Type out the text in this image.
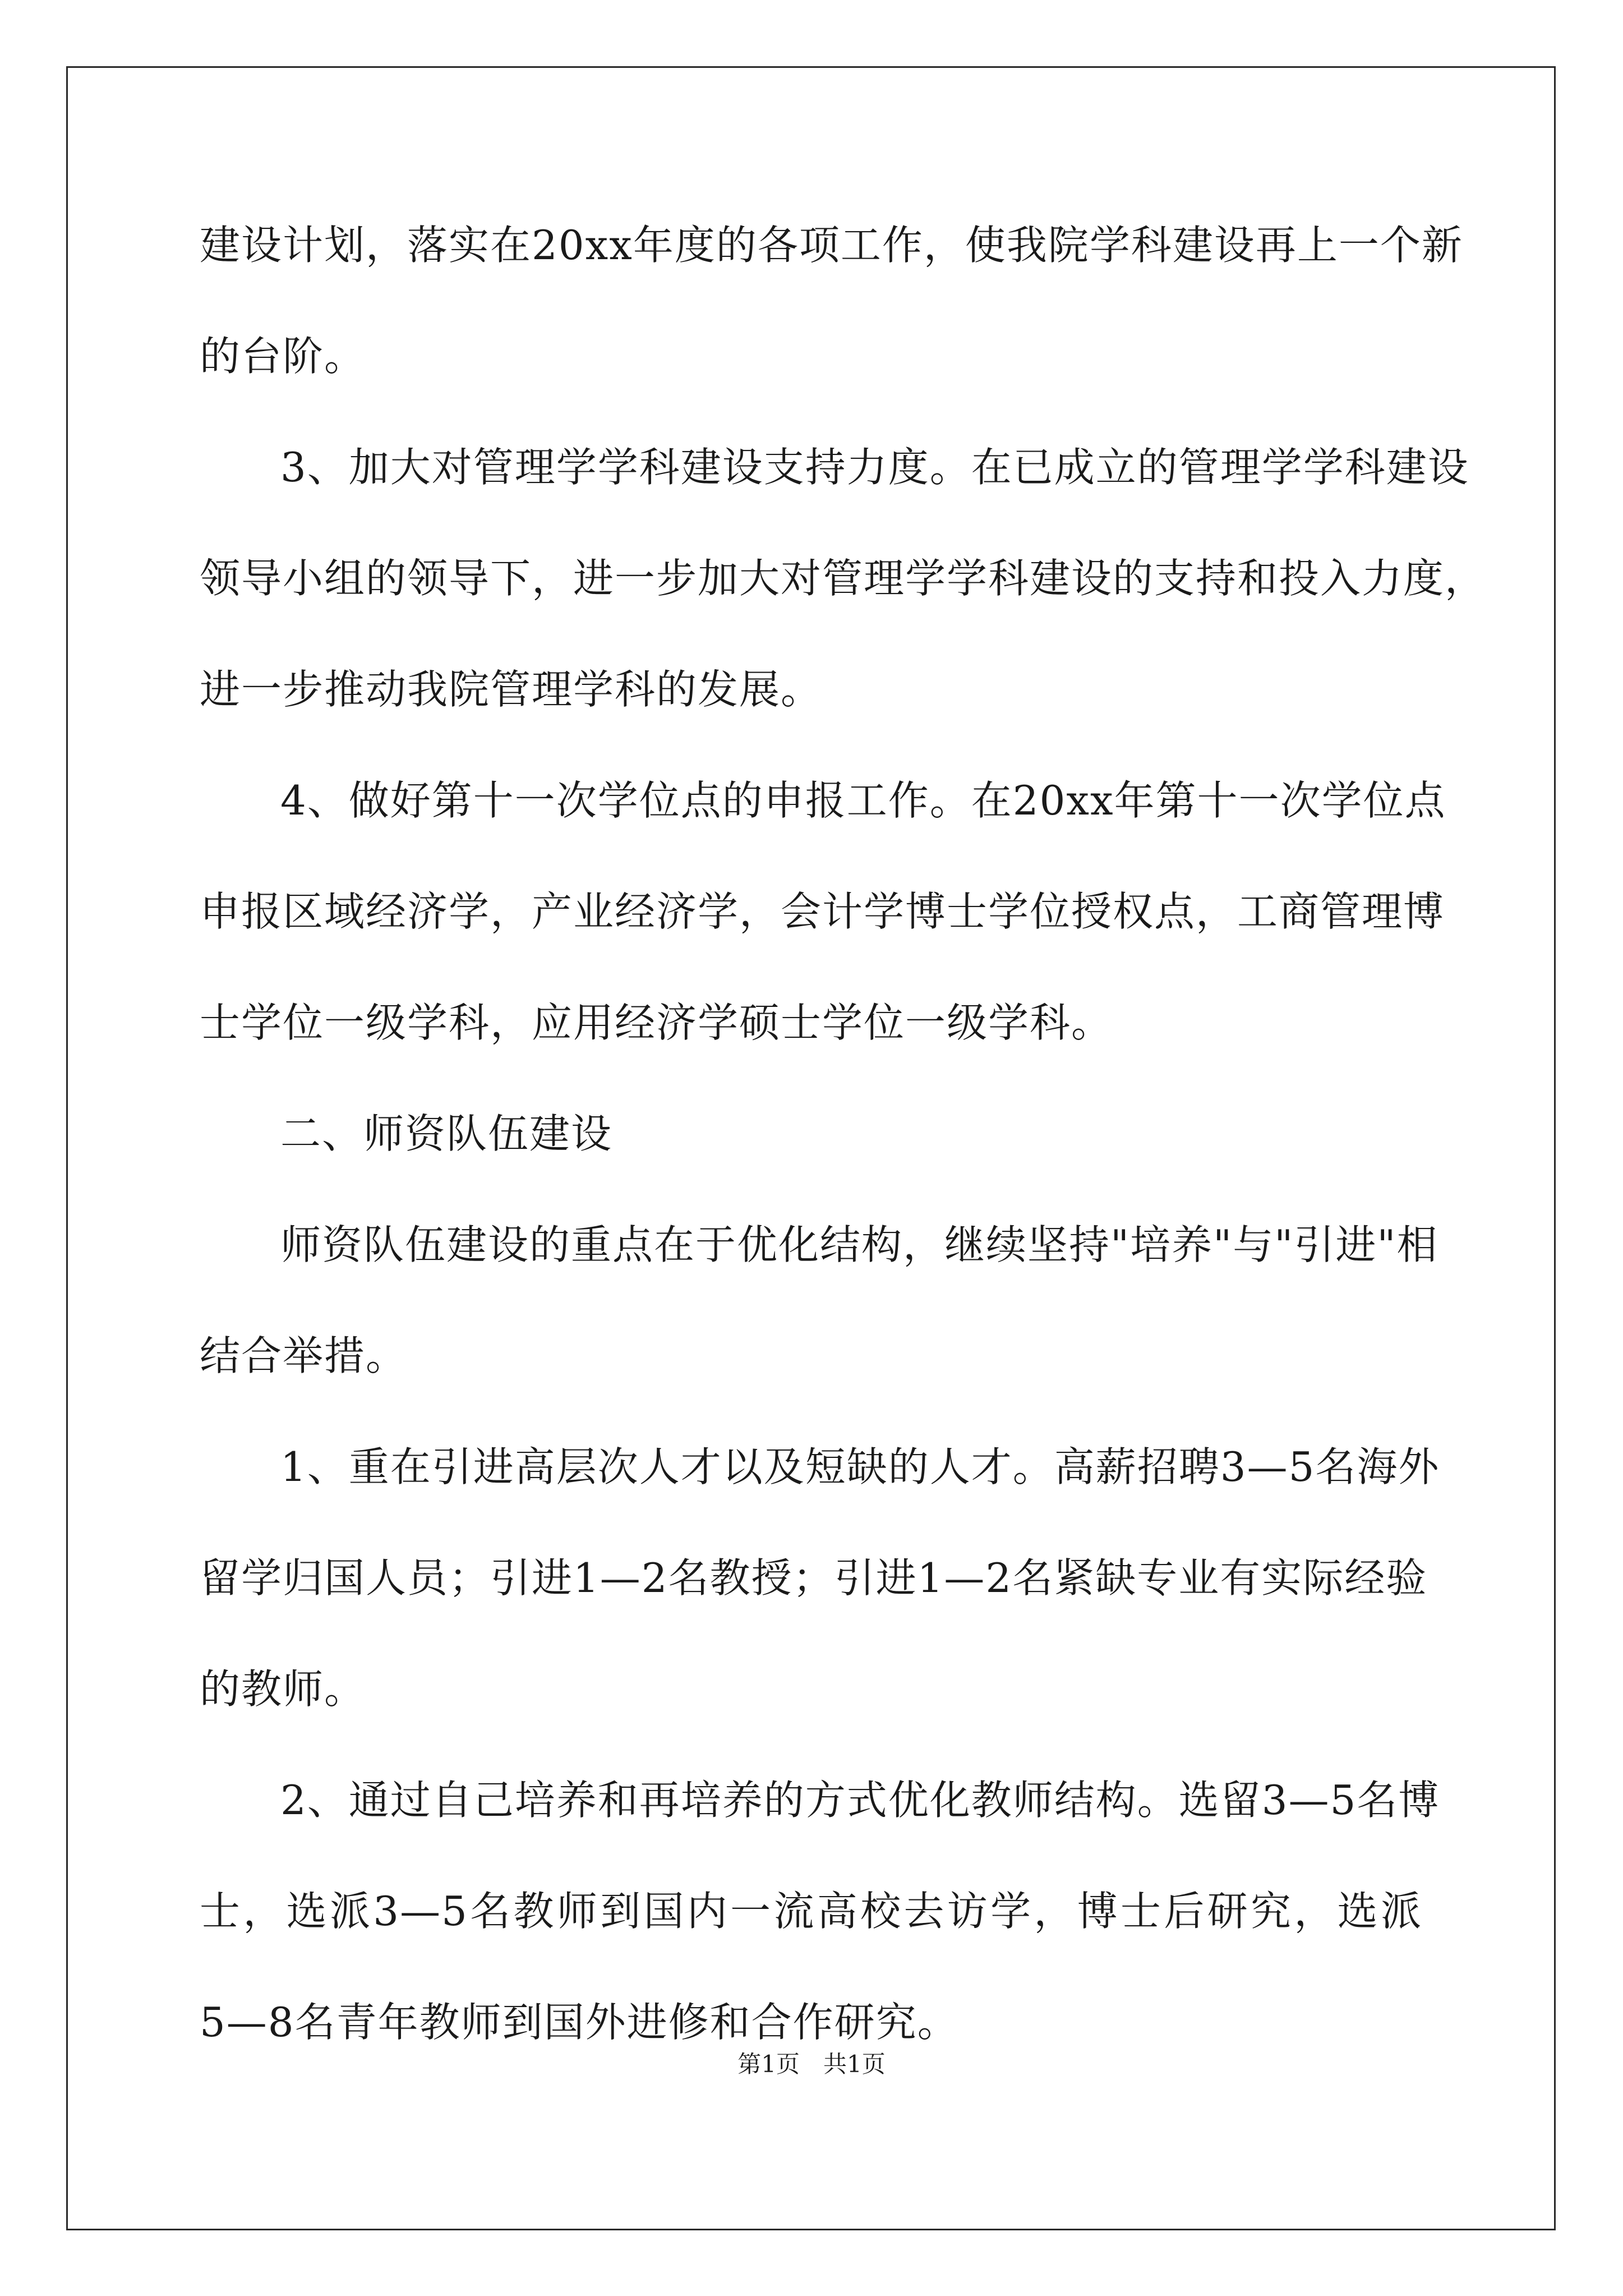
建设计划，落实在20xx年度的各项工作，使我院学科建设再上一个新
的台阶。
3、加大对管理学学科建设支持力度。在已成立的管理学学科建设
领导小组的领导下，进一步加大对管理学学科建设的支持和投入力度，
进一步推动我院管理学科的发展。
4、做好第十一次学位点的申报工作。在20xx年第十一次学位点
申报区域经济学，产业经济学，会计学博士学位授权点，工商管理博
士学位一级学科，应用经济学硕士学位一级学科。
二、师资队伍建设
师资队伍建设的重点在于优化结构，继续坚持"培养"与"引进"相
结合举措。
1、重在引进高层次人才以及短缺的人才。高薪招聘3—5名海外
留学归国人员；引进1—2名教授；引进1—2名紧缺专业有实际经验
的教师。
2、通过自己培养和再培养的方式优化教师结构。选留3—5名博
士，选派3—5名教师到国内一流高校去访学，博士后研究，选派
5—8名青年教师到国外进修和合作研究。
第1页　共1页
